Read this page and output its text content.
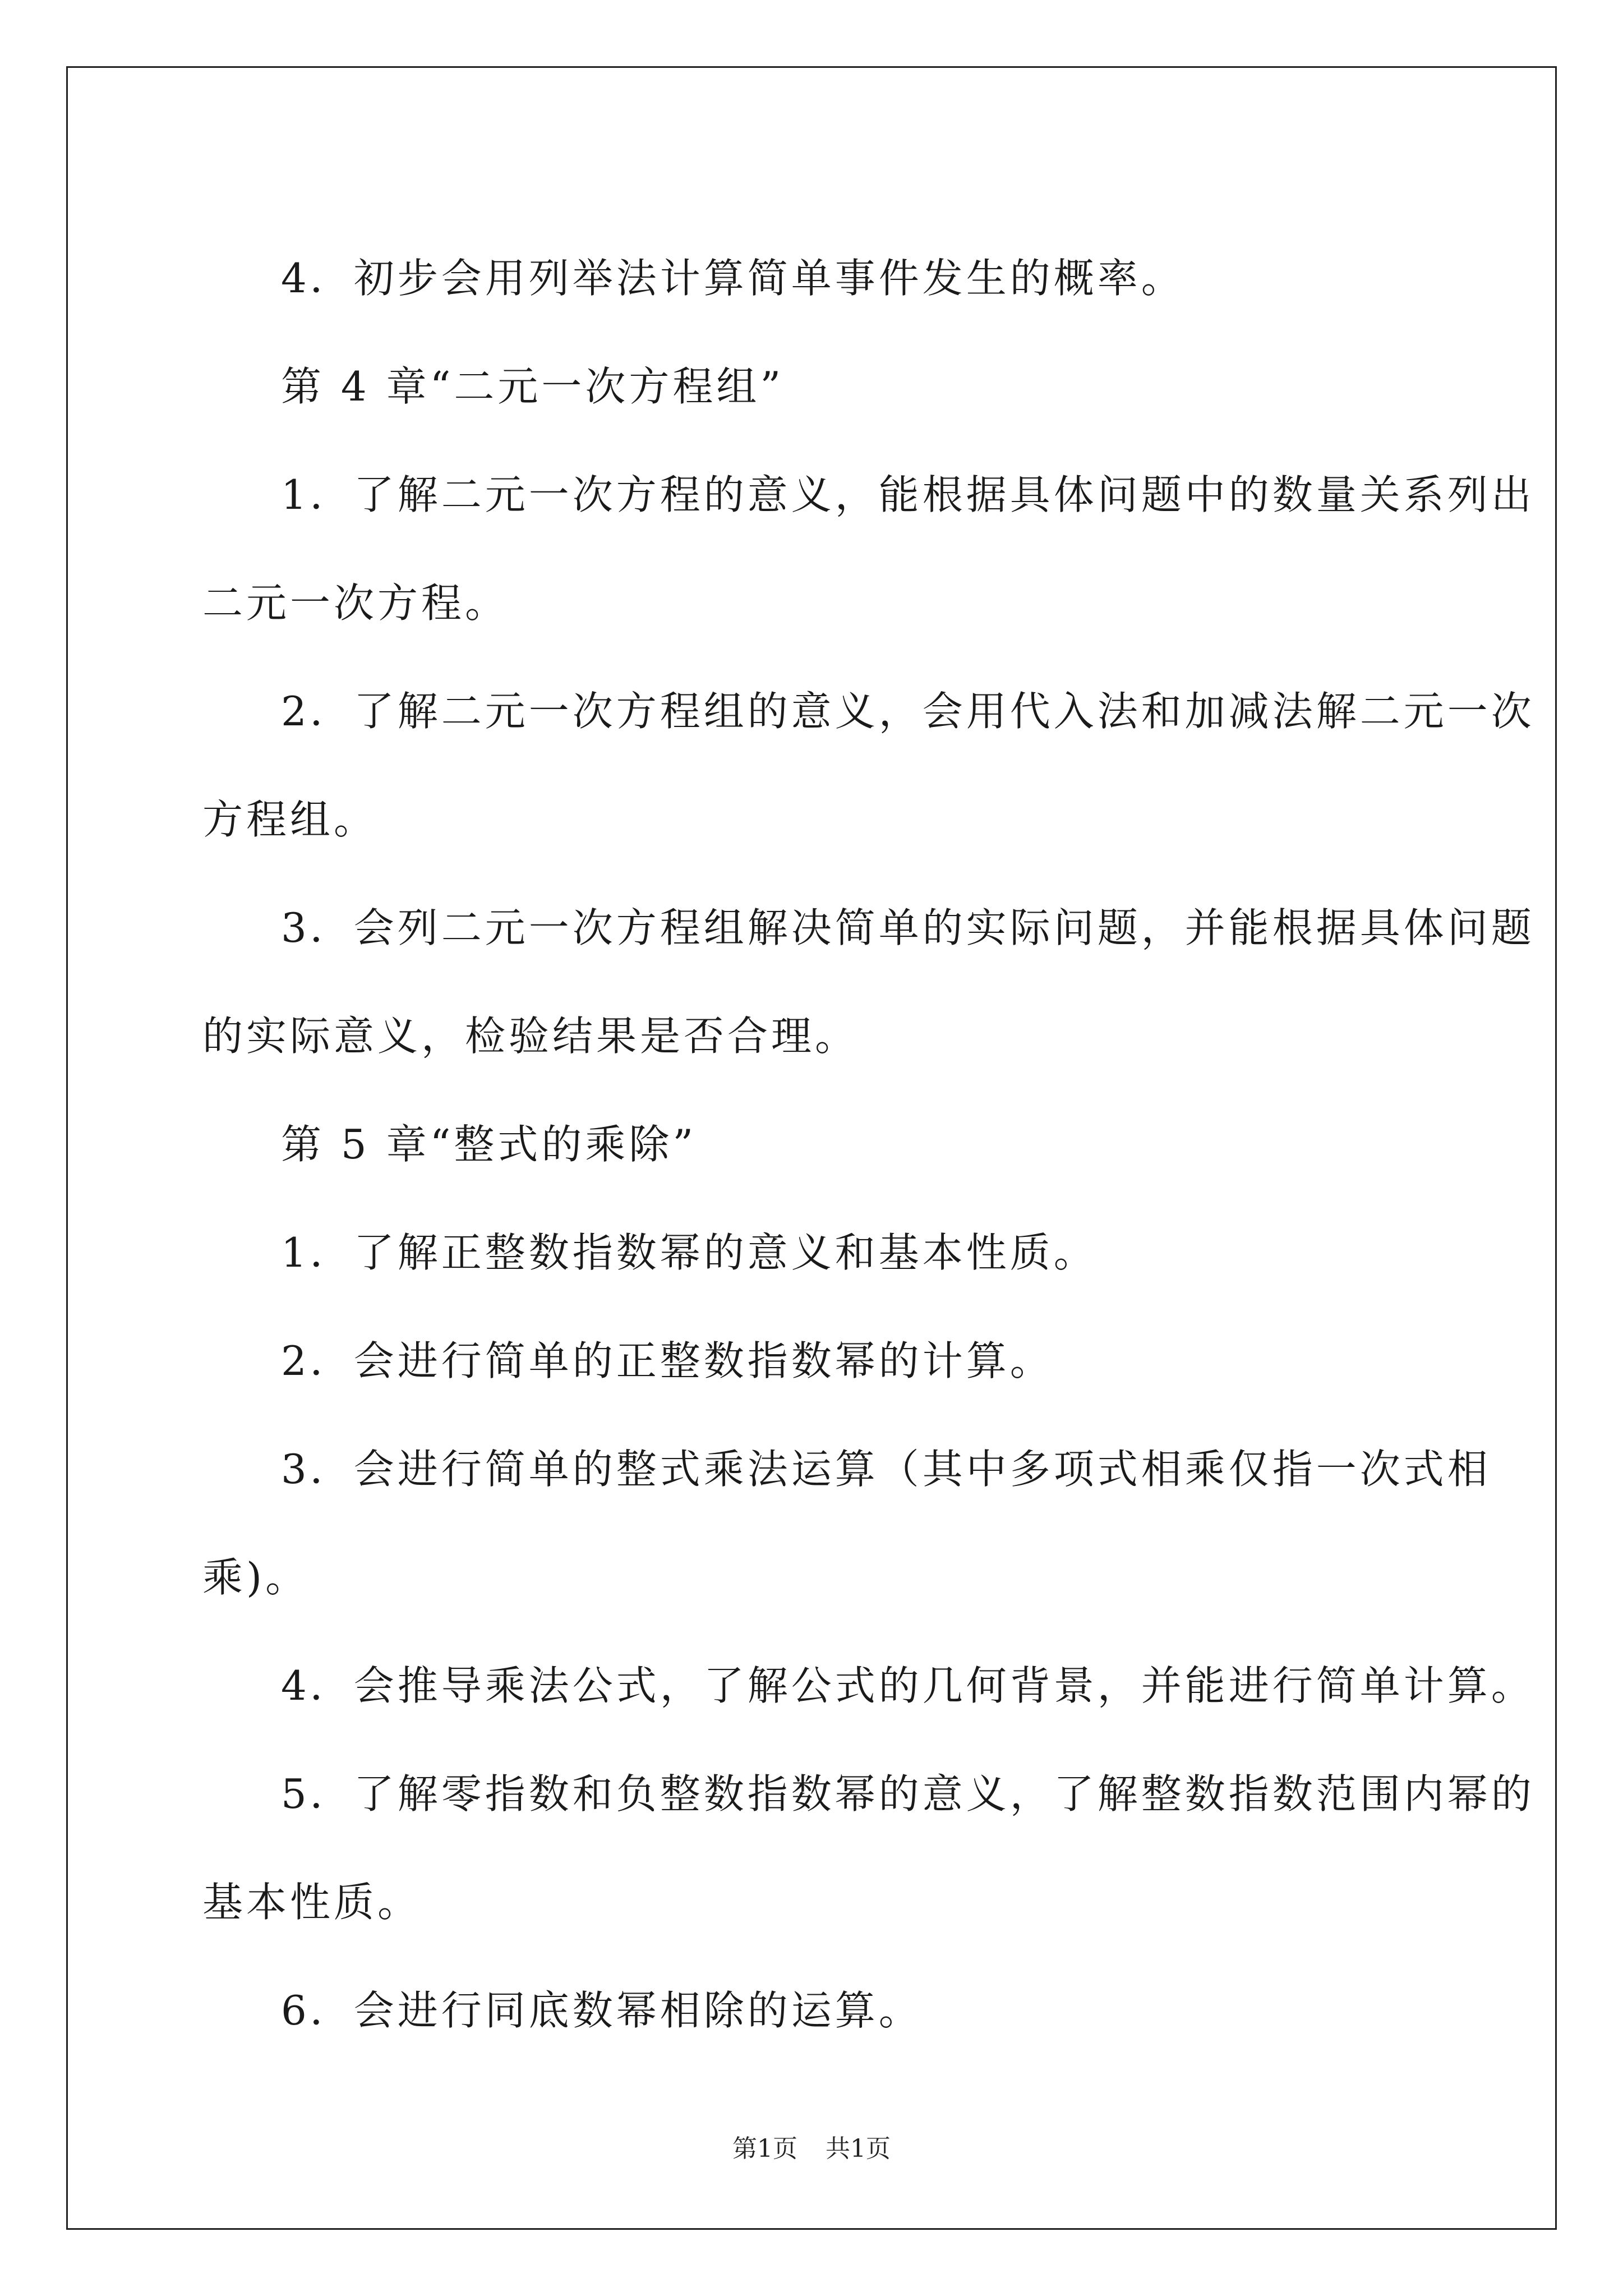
4．初步会用列举法计算简单事件发生的概率。
第 4 章“二元一次方程组”
1．了解二元一次方程的意义，能根据具体问题中的数量关系列出
二元一次方程。
2．了解二元一次方程组的意义，会用代入法和加减法解二元一次
方程组。
3．会列二元一次方程组解决简单的实际问题，并能根据具体问题
的实际意义，检验结果是否合理。
第 5 章“整式的乘除”
1．了解正整数指数幂的意义和基本性质。
2．会进行简单的正整数指数幂的计算。
3．会进行简单的整式乘法运算（其中多项式相乘仅指一次式相
乘)。
4．会推导乘法公式，了解公式的几何背景，并能进行简单计算。
5．了解零指数和负整数指数幂的意义，了解整数指数范围内幂的
基本性质。
6．会进行同底数幂相除的运算。
第1页 共1页
